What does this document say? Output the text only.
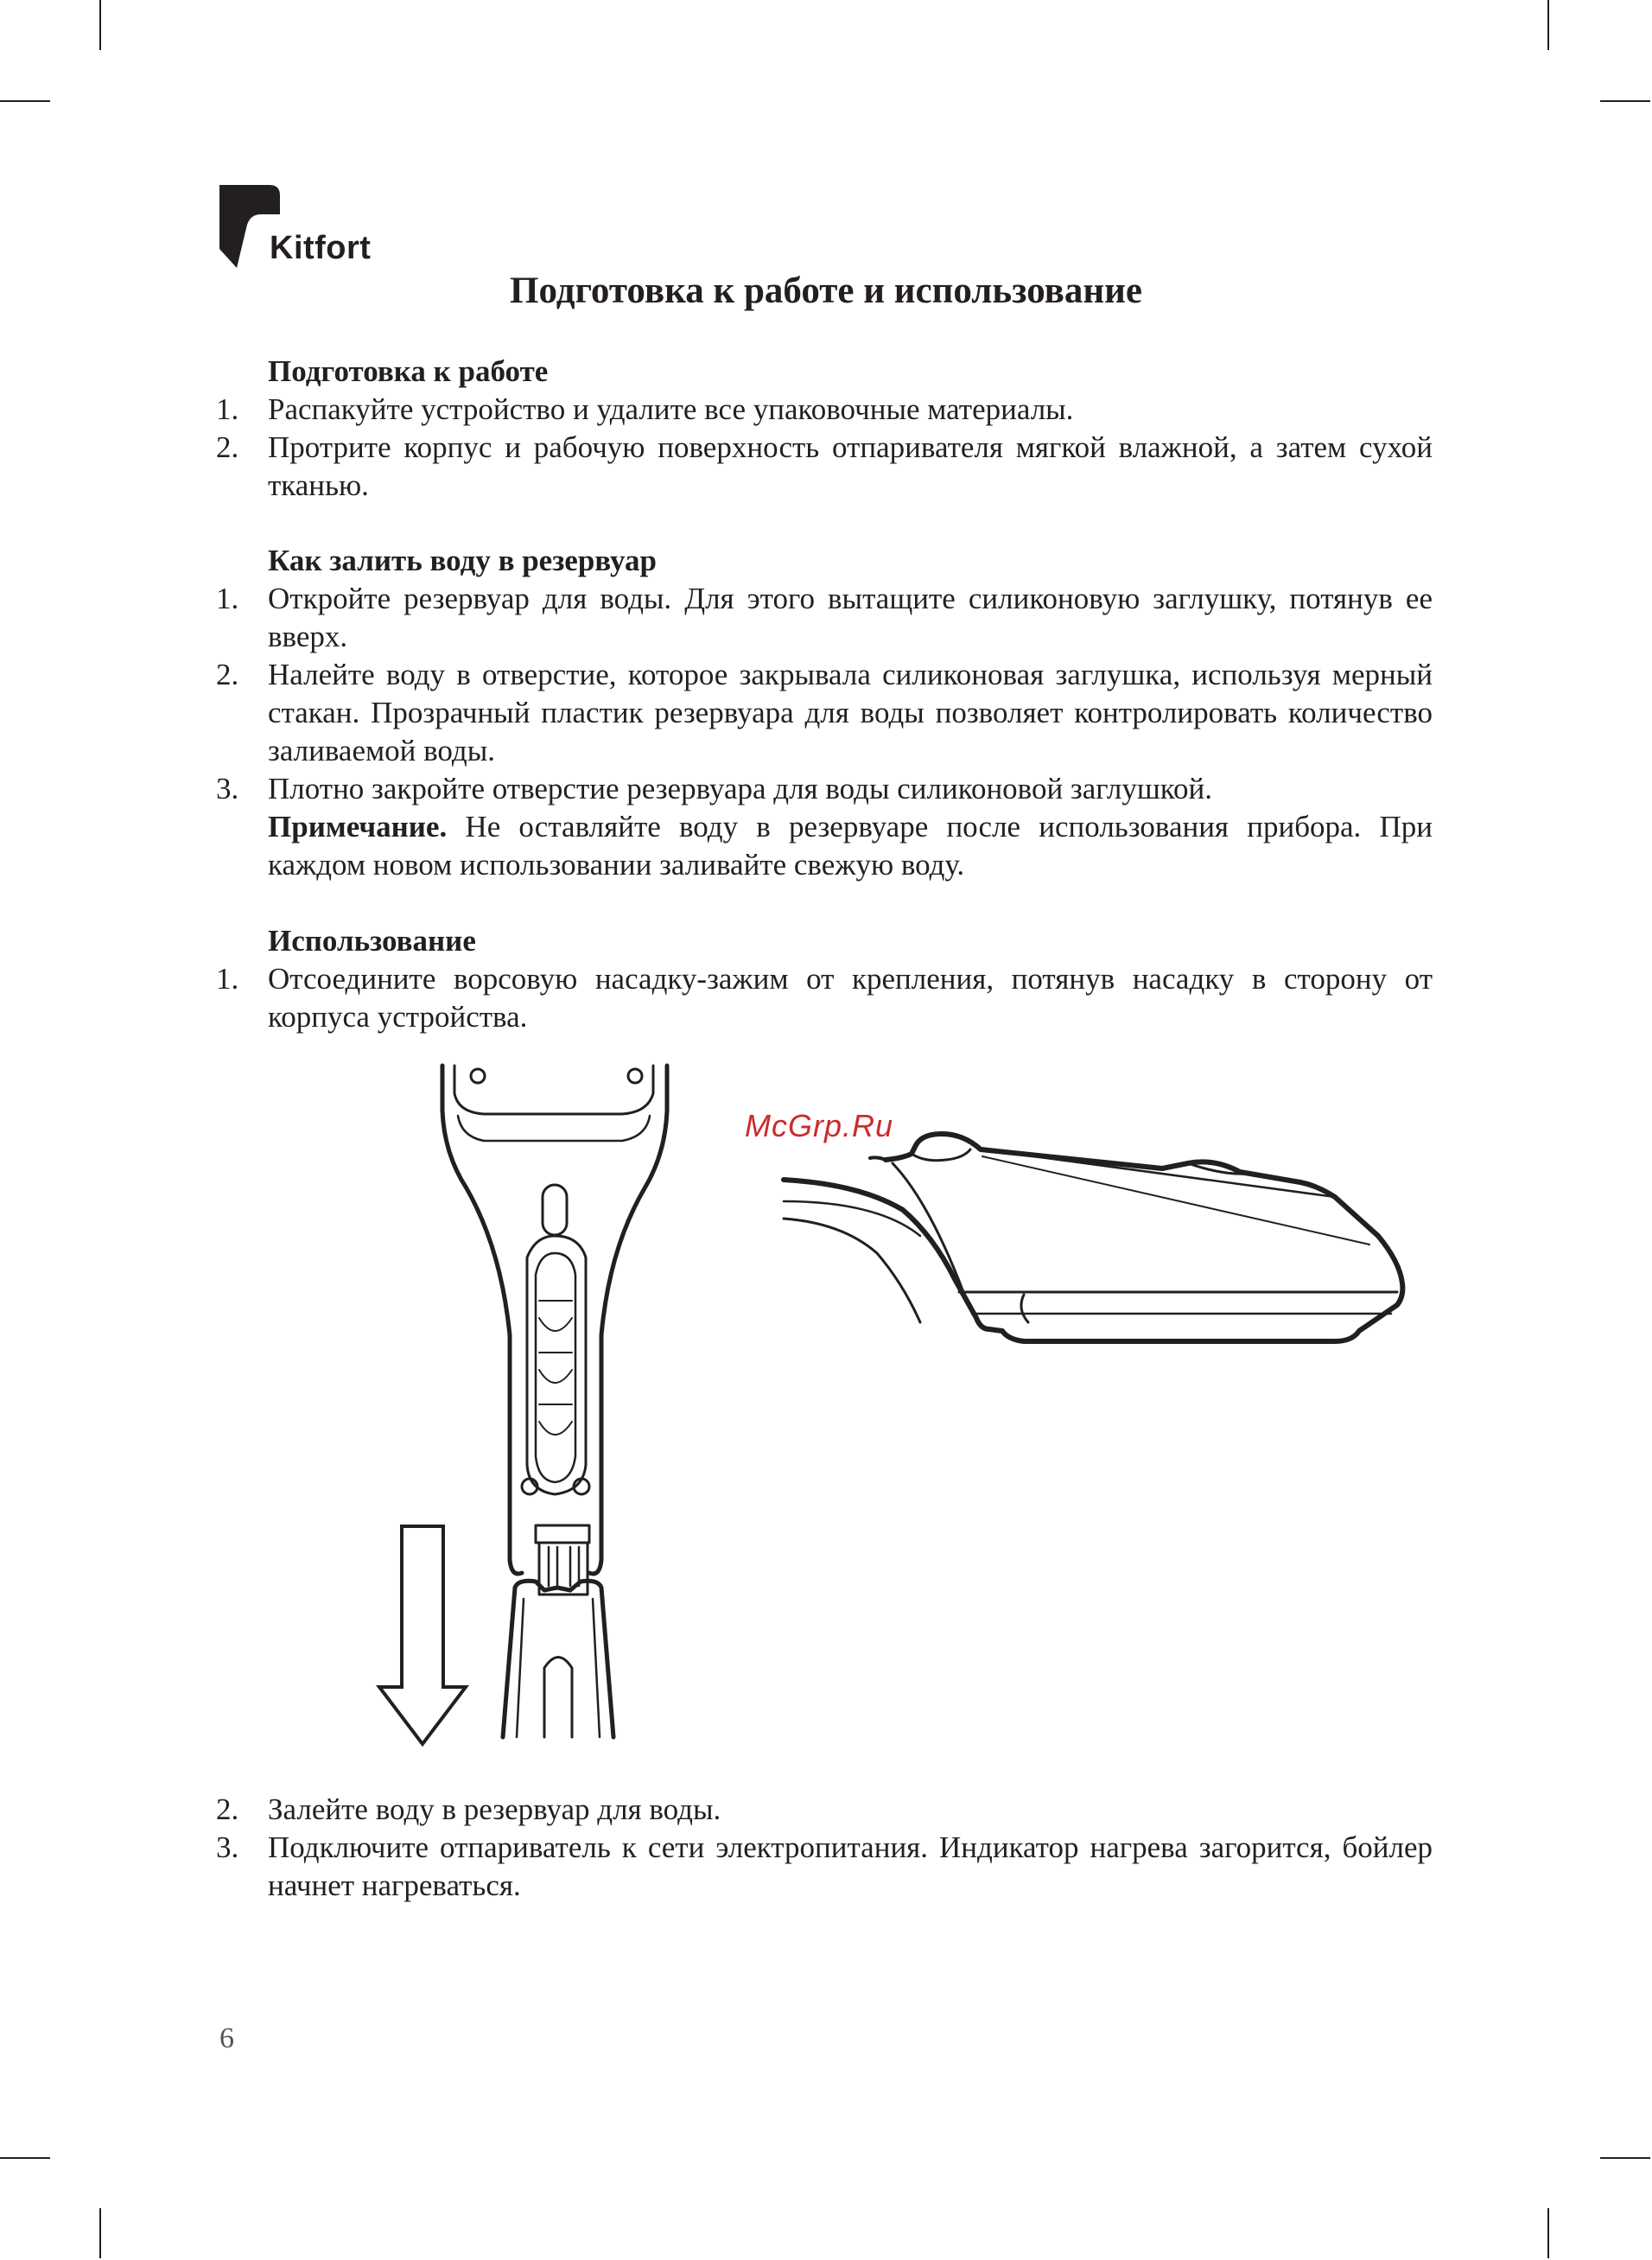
Kitfort
Подготовка к работе и использование

Подготовка к работе

1. Распакуйте устройство и удалите все упаковочные материалы.
2. Протрите корпус и рабочую поверхность отпаривателя мягкой влажной, а затем сухой тканью.

Как залить воду в резервуар

1. Откройте резервуар для воды. Для этого вытащите силиконовую заглушку, потянув ее вверх.
2. Налейте воду в отверстие, которое закрывала силиконовая заглушка, используя мерный стакан. Прозрачный пластик резервуара для воды позволяет контролировать количество заливаемой воды.
3. Плотно закройте отверстие резервуара для воды силиконовой заглушкой.
Примечание. Не оставляйте воду в резервуаре после использования прибора. При каждом новом использовании заливайте свежую воду.

Использование

1. Отсоедините ворсовую насадку-зажим от крепления, потянув насадку в сторону от корпуса устройства.
McGrp.Ru
2. Залейте воду в резервуар для воды.
3. Подключите отпариватель к сети электропитания. Индикатор нагрева загорится, бойлер начнет нагреваться.
6
